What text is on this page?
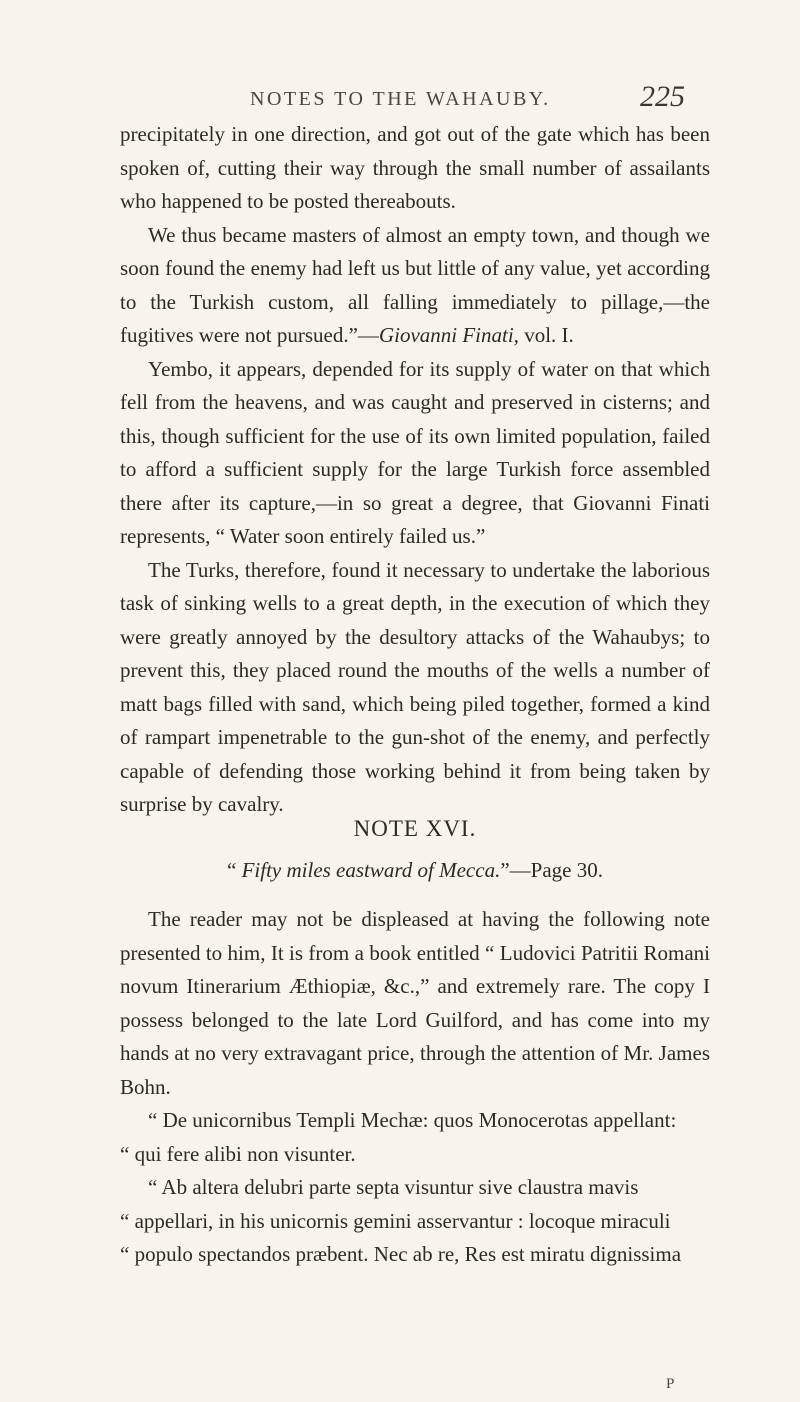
NOTES TO THE WAHAUBY.	225

precipitately in one direction, and got out of the gate which has been spoken of, cutting their way through the small number of assailants who happened to be posted thereabouts.

We thus became masters of almost an empty town, and though we soon found the enemy had left us but little of any value, yet according to the Turkish custom, all falling immediately to pillage,—the fugitives were not pursued.”—Giovanni Finati, vol. I.

Yembo, it appears, depended for its supply of water on that which fell from the heavens, and was caught and preserved in cisterns; and this, though sufficient for the use of its own limited population, failed to afford a sufficient supply for the large Turkish force assembled there after its capture,—in so great a degree, that Giovanni Finati represents, “ Water soon entirely failed us.”

The Turks, therefore, found it necessary to undertake the laborious task of sinking wells to a great depth, in the execution of which they were greatly annoyed by the desultory attacks of the Wahaubys; to prevent this, they placed round the mouths of the wells a number of matt bags filled with sand, which being piled together, formed a kind of rampart impenetrable to the gun-shot of the enemy, and perfectly capable of defending those working behind it from being taken by surprise by cavalry.

NOTE XVI.
“ Fifty miles eastward of Mecca.”—Page 30.

The reader may not be displeased at having the following note presented to him, It is from a book entitled “ Ludovici Patritii Romani novum Itinerarium Æthiopiæ, &c.,” and extremely rare. The copy I possess belonged to the late Lord Guilford, and has come into my hands at no very extravagant price, through the attention of Mr. James Bohn.

“ De unicornibus Templi Mechæ: quos Monocerotas appellant:

“ qui fere alibi non visunter.

“ Ab altera delubri parte septa visuntur sive claustra mavis

“ appellari, in his unicornis gemini asservantur : locoque miraculi

“ populo spectandos præbent. Nec ab re, Res est miratu dignissima

P
